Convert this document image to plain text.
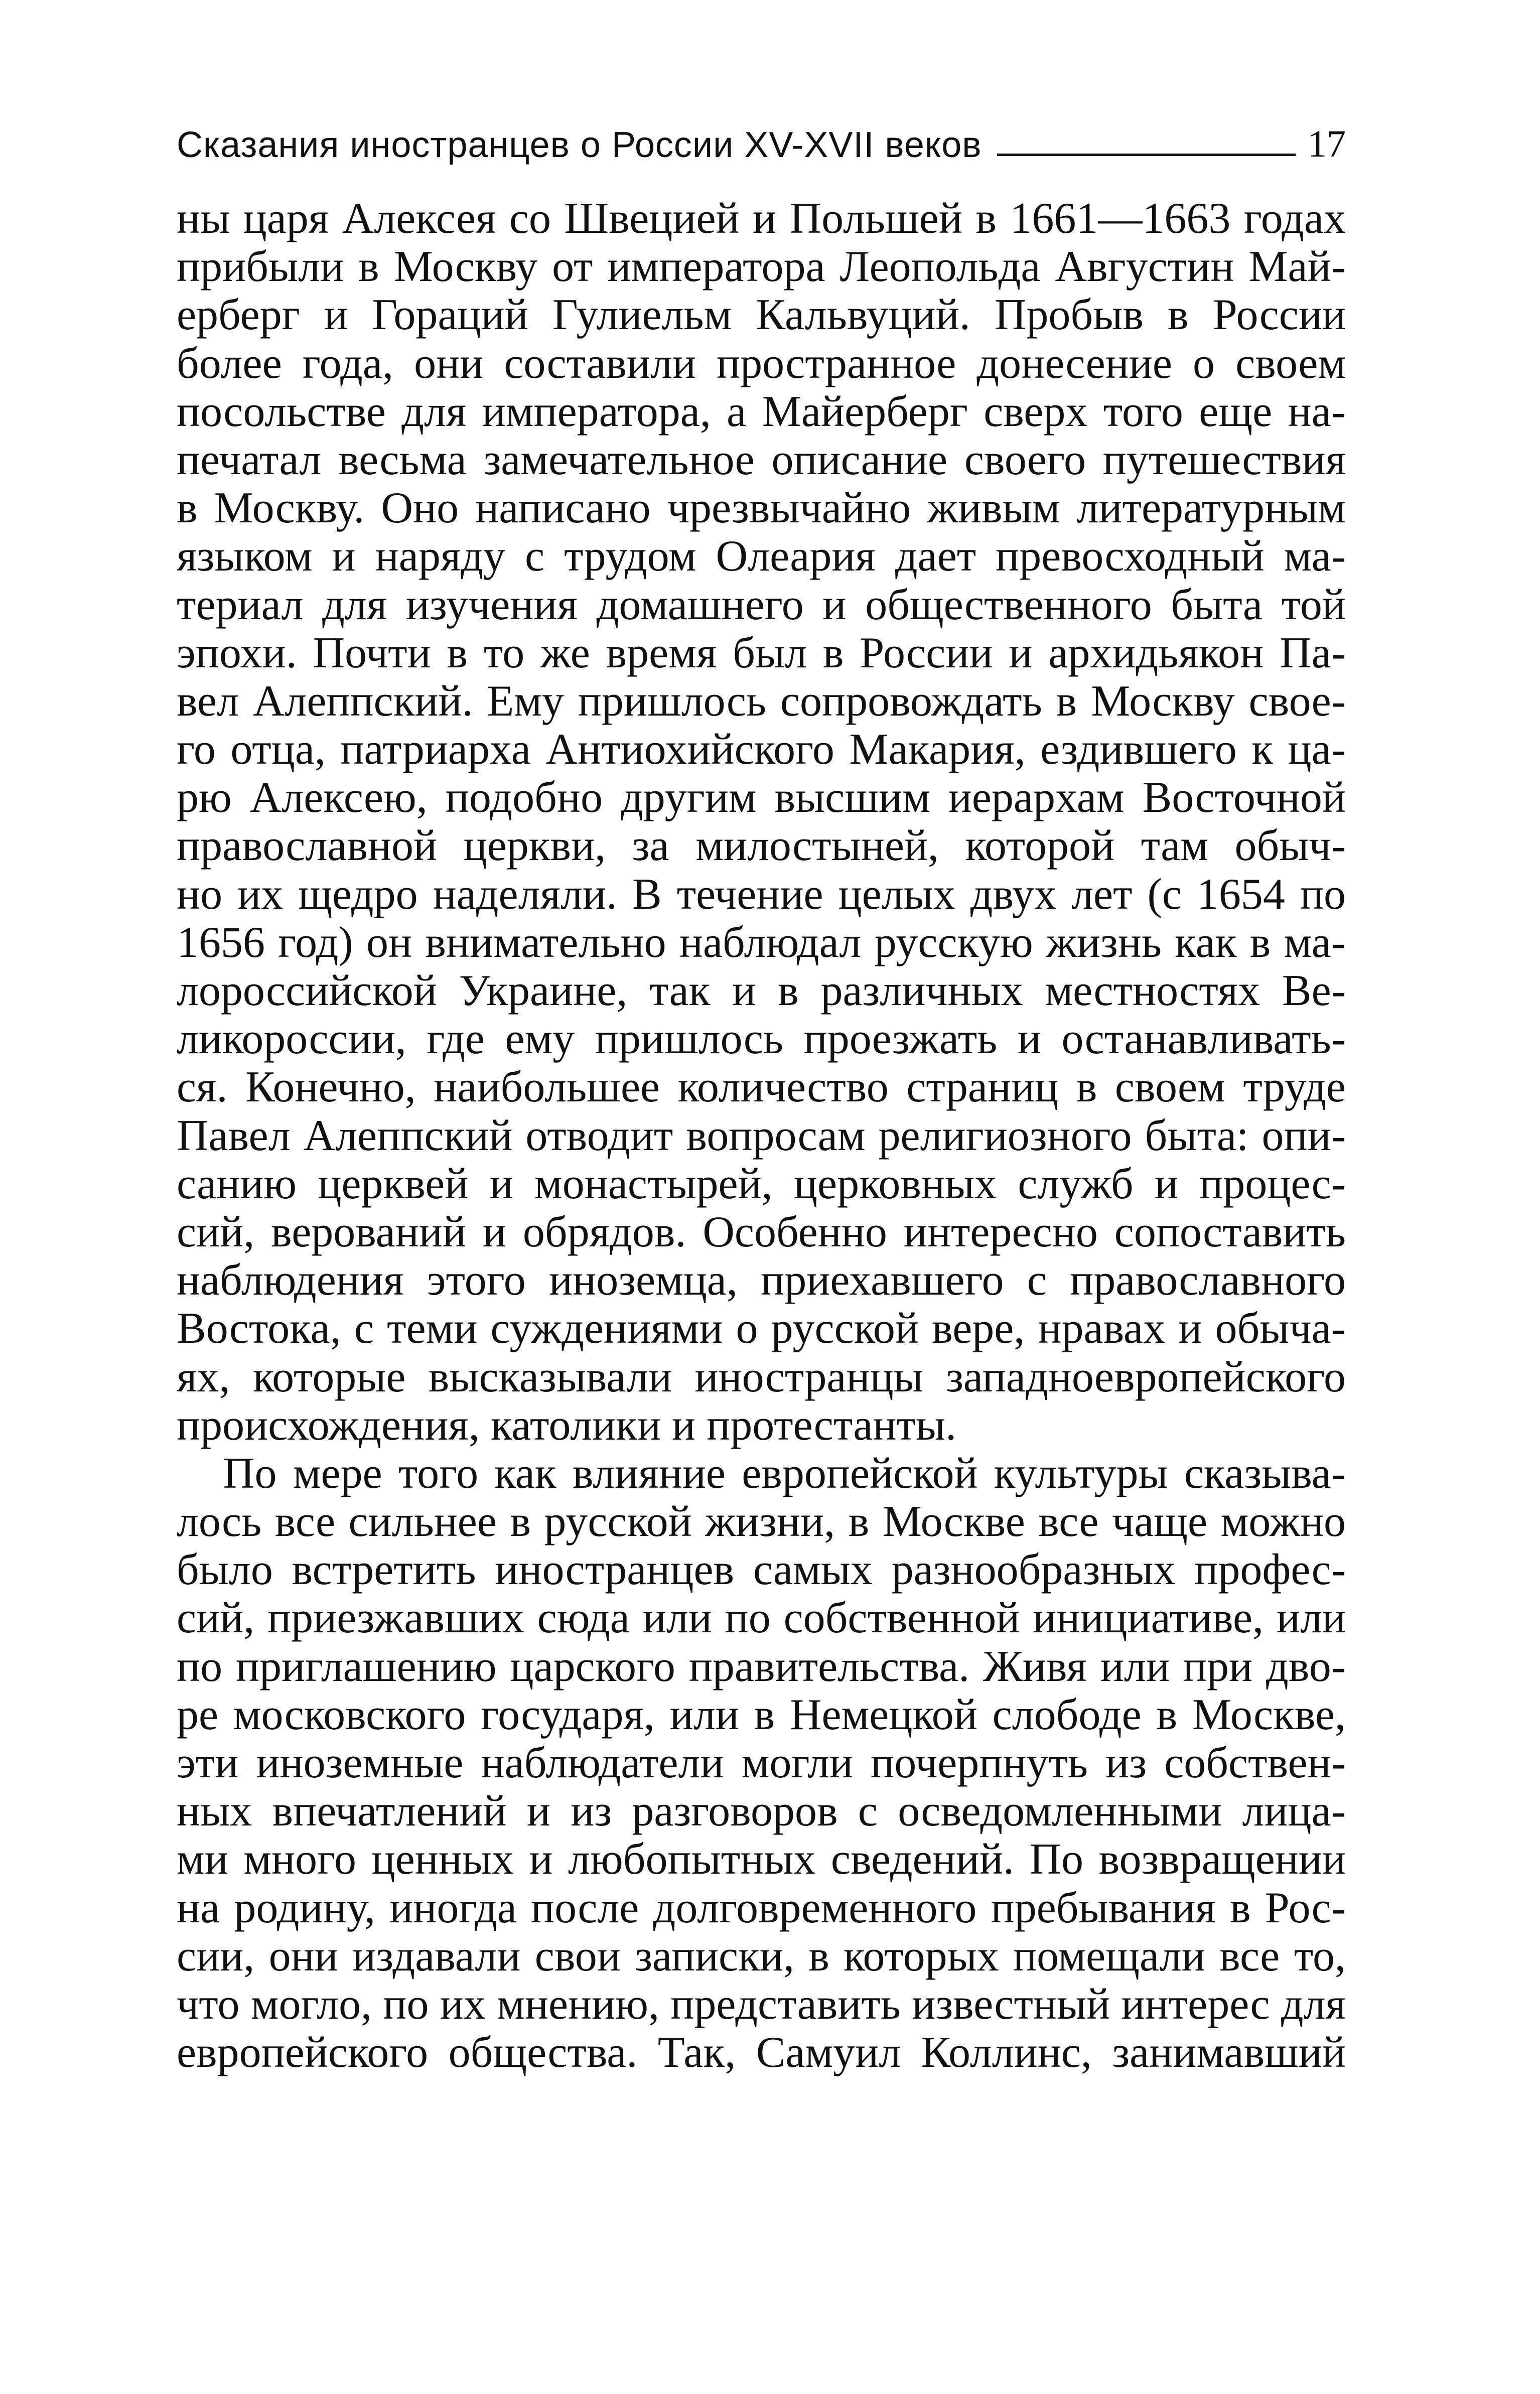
Сказания иностранцев о России XV-XVII веков	17
ны царя Алексея со Швецией и Польшей в 1661—1663 годах
прибыли в Москву от императора Леопольда Августин Май-
ерберг и Гораций Гулиельм Кальвуций. Пробыв в России
более года, они составили пространное донесение о своем
посольстве для императора, а Майерберг сверх того еще на-
печатал весьма замечательное описание своего путешествия
в Москву. Оно написано чрезвычайно живым литературным
языком и наряду с трудом Олеария дает превосходный ма-
териал для изучения домашнего и общественного быта той
эпохи. Почти в то же время был в России и архидьякон Па-
вел Алеппский. Ему пришлось сопровождать в Москву свое-
го отца, патриарха Антиохийского Макария, ездившего к ца-
рю Алексею, подобно другим высшим иерархам Восточной
православной церкви, за милостыней, которой там обыч-
но их щедро наделяли. В течение целых двух лет (с 1654 по
1656 год) он внимательно наблюдал русскую жизнь как в ма-
лороссийской Украине, так и в различных местностях Ве-
ликороссии, где ему пришлось проезжать и останавливать-
ся. Конечно, наибольшее количество страниц в своем труде
Павел Алеппский отводит вопросам религиозного быта: опи-
санию церквей и монастырей, церковных служб и процес-
сий, верований и обрядов. Особенно интересно сопоставить
наблюдения этого иноземца, приехавшего с православного
Востока, с теми суждениями о русской вере, нравах и обыча-
ях, которые высказывали иностранцы западноевропейского
происхождения, католики и протестанты.
По мере того как влияние европейской культуры сказыва-
лось все сильнее в русской жизни, в Москве все чаще можно
было встретить иностранцев самых разнообразных профес-
сий, приезжавших сюда или по собственной инициативе, или
по приглашению царского правительства. Живя или при дво-
ре московского государя, или в Немецкой слободе в Москве,
эти иноземные наблюдатели могли почерпнуть из собствен-
ных впечатлений и из разговоров с осведомленными лица-
ми много ценных и любопытных сведений. По возвращении
на родину, иногда после долговременного пребывания в Рос-
сии, они издавали свои записки, в которых помещали все то,
что могло, по их мнению, представить известный интерес для
европейского общества. Так, Самуил Коллинс, занимавший
